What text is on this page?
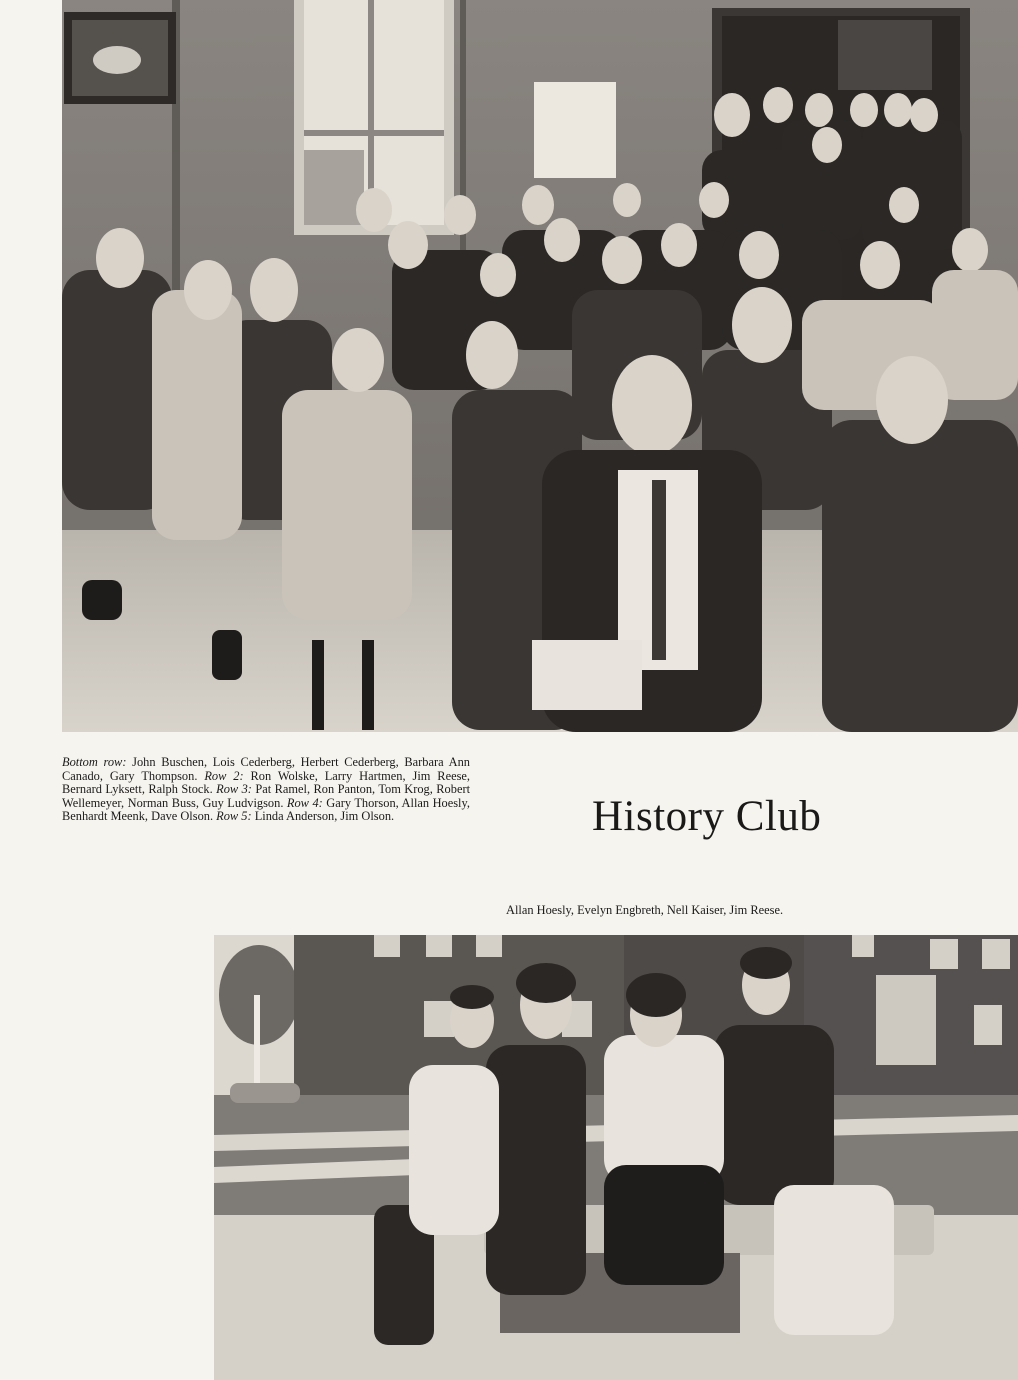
Bottom row: John Buschen, Lois Cederberg, Herbert Cederberg, Barbara Ann Canado, Gary Thompson. Row 2: Ron Wolske, Larry Hartmen, Jim Reese, Bernard Lyksett, Ralph Stock. Row 3: Pat Ramel, Ron Panton, Tom Krog, Robert Wellemeyer, Norman Buss, Guy Ludvigson. Row 4: Gary Thorson, Allan Hoesly, Benhardt Meenk, Dave Olson. Row 5: Linda Anderson, Jim Olson.	History Club
Allan Hoesly, Evelyn Engbreth, Nell Kaiser, Jim Reese.
